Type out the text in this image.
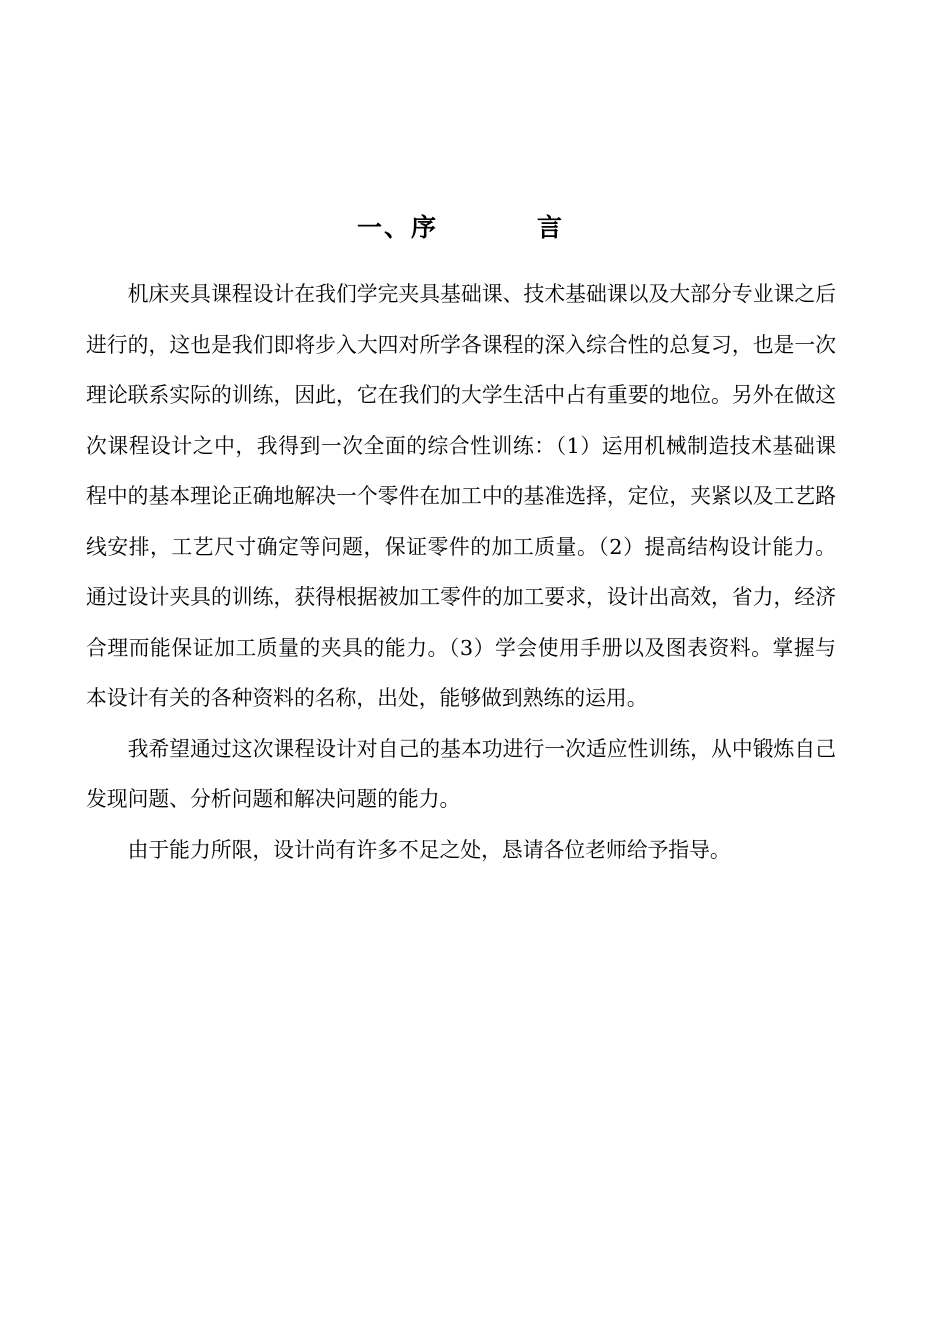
一、序	言

机床夹具课程设计在我们学完夹具基础课、技术基础课以及大部分专业课之后进行的，这也是我们即将步入大四对所学各课程的深入综合性的总复习，也是一次理论联系实际的训练，因此，它在我们的大学生活中占有重要的地位。另外在做这次课程设计之中，我得到一次全面的综合性训练：（1）运用机械制造技术基础课程中的基本理论正确地解决一个零件在加工中的基准选择，定位，夹紧以及工艺路线安排，工艺尺寸确定等问题，保证零件的加工质量。（2）提高结构设计能力。通过设计夹具的训练，获得根据被加工零件的加工要求，设计出高效，省力，经济合理而能保证加工质量的夹具的能力。（3）学会使用手册以及图表资料。掌握与本设计有关的各种资料的名称，出处，能够做到熟练的运用。

我希望通过这次课程设计对自己的基本功进行一次适应性训练，从中锻炼自己发现问题、分析问题和解决问题的能力。

由于能力所限，设计尚有许多不足之处，恳请各位老师给予指导。
